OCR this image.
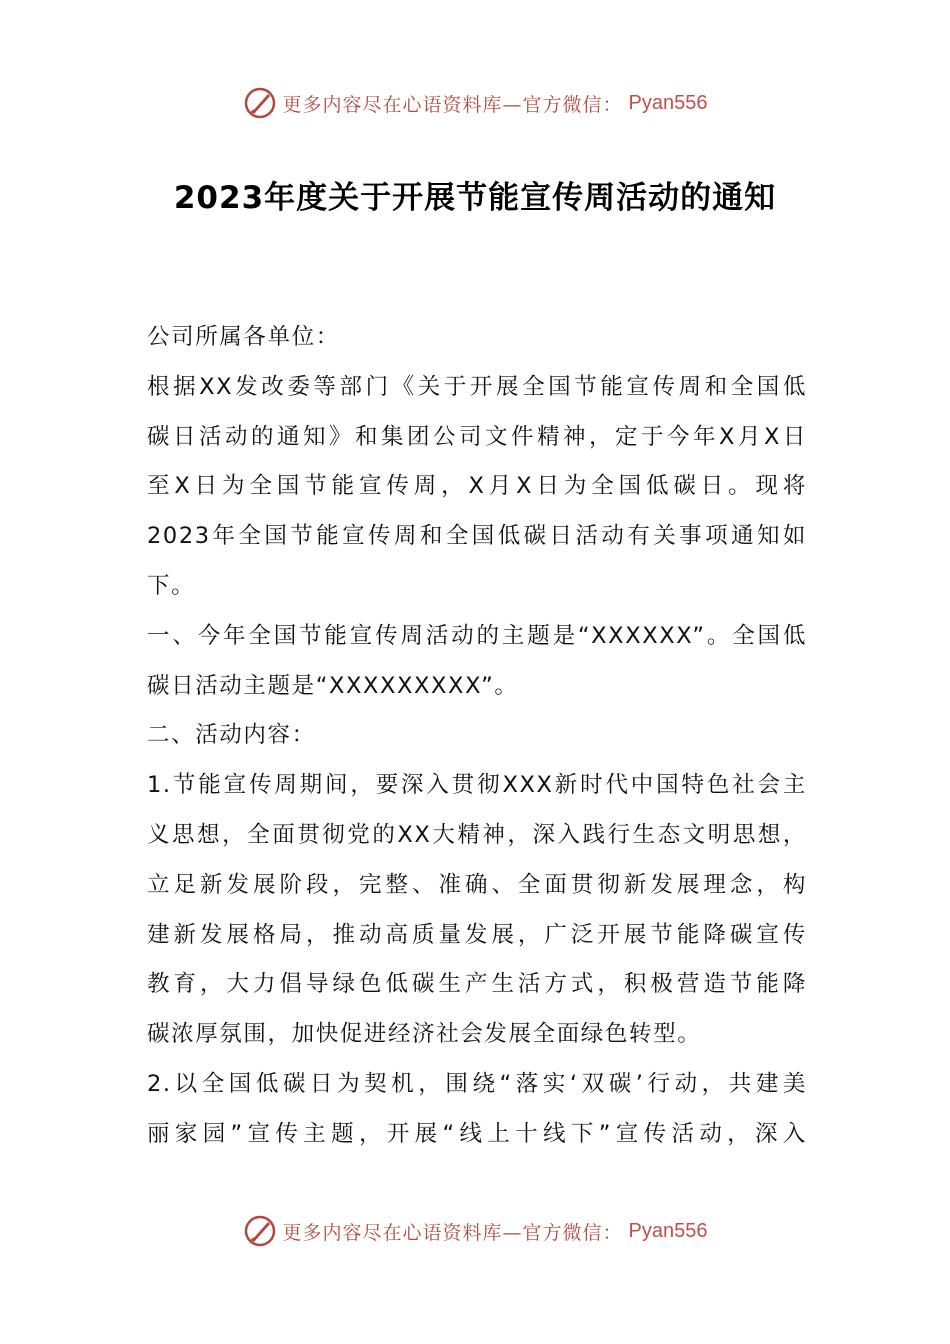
更多内容尽在心语资料库—官方微信： Pyan556
2023年度关于开展节能宣传周活动的通知
公司所属各单位：
根据XX发改委等部门《关于开展全国节能宣传周和全国低
碳日活动的通知》和集团公司文件精神，定于今年X月X日
至X日为全国节能宣传周，X月X日为全国低碳日。现将
2023年全国节能宣传周和全国低碳日活动有关事项通知如
下。
一、今年全国节能宣传周活动的主题是“XXXXXX”。全国低
碳日活动主题是“XXXXXXXXX”。
二、活动内容：
1.节能宣传周期间，要深入贯彻XXX新时代中国特色社会主
义思想，全面贯彻党的XX大精神，深入践行生态文明思想，
立足新发展阶段，完整、准确、全面贯彻新发展理念，构
建新发展格局，推动高质量发展，广泛开展节能降碳宣传
教育，大力倡导绿色低碳生产生活方式，积极营造节能降
碳浓厚氛围，加快促进经济社会发展全面绿色转型。
2.以全国低碳日为契机，围绕“落实‘双碳’行动，共建美
丽家园”宣传主题，开展“线上十线下”宣传活动，深入
更多内容尽在心语资料库—官方微信： Pyan556
